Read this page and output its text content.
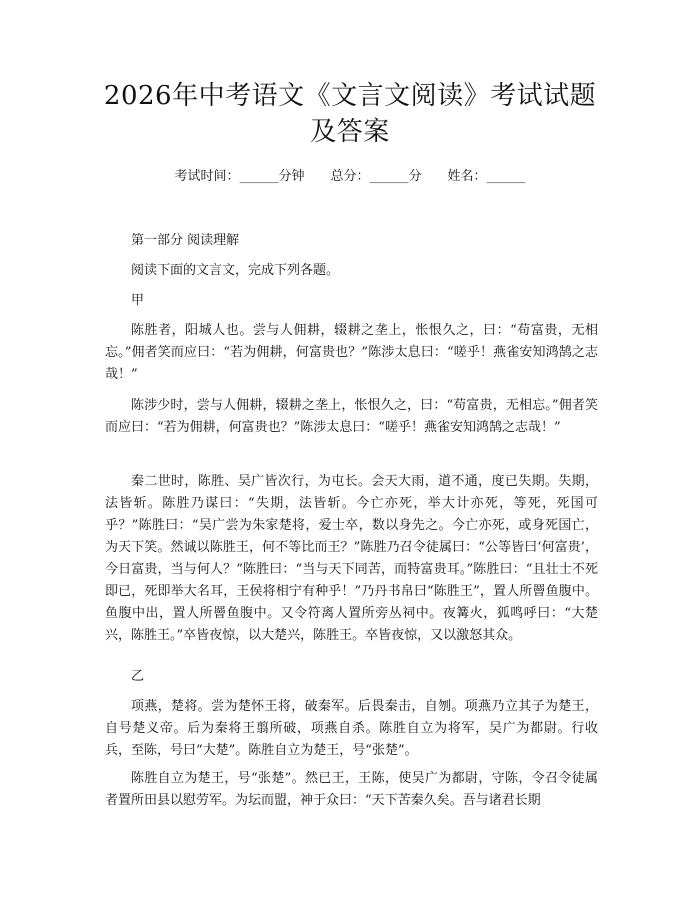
2026年中考语文《文言文阅读》考试试题及答案
考试时间：______分钟 总分：______分 姓名：______
第一部分 阅读理解
阅读下面的文言文，完成下列各题。
甲

陈胜者，阳城人也。尝与人佣耕，辍耕之垄上，怅恨久之，曰：“苟富贵，无相忘。”佣者笑而应曰：“若为佣耕，何富贵也？”陈涉太息曰：“嗟乎！燕雀安知鸿鹄之志哉！”

陈涉少时，尝与人佣耕，辍耕之垄上，怅恨久之，曰：“苟富贵，无相忘。”佣者笑而应曰：“若为佣耕，何富贵也？”陈涉太息曰：“嗟乎！燕雀安知鸿鹄之志哉！”

秦二世时，陈胜、吴广皆次行，为屯长。会天大雨，道不通，度已失期。失期，法皆斩。陈胜乃谋曰：“失期，法皆斩。今亡亦死，举大计亦死，等死，死国可乎？”陈胜曰：“吴广尝为朱家楚将，爱士卒，数以身先之。今亡亦死，或身死国亡，为天下笑。然诚以陈胜王，何不等比而王？”陈胜乃召令徒属曰：“公等皆曰‘何富贵’，今日富贵，当与何人？”陈胜曰：“当与天下同苦，而特富贵耳。”陈胜曰：“且壮士不死即已，死即举大名耳，王侯将相宁有种乎！”乃丹书帛曰“陈胜王”，置人所罾鱼腹中。鱼腹中出，置人所罾鱼腹中。又令符离人置所旁丛祠中。夜篝火，狐鸣呼曰：“大楚兴，陈胜王。”卒皆夜惊，以大楚兴，陈胜王。卒皆夜惊，又以激怒其众。

乙

项燕，楚将。尝为楚怀王将，破秦军。后畏秦击，自刎。项燕乃立其子为楚王，自号楚义帝。后为秦将王翦所破，项燕自杀。陈胜自立为将军，吴广为都尉。行收兵，至陈，号曰“大楚”。陈胜自立为楚王，号“张楚”。

陈胜自立为楚王，号“张楚”。然已王，王陈，使吴广为都尉，守陈，令召令徒属者置所田县以慰劳军。为坛而盟，神于众曰：“天下苦秦久矣。吾与诸君长期
